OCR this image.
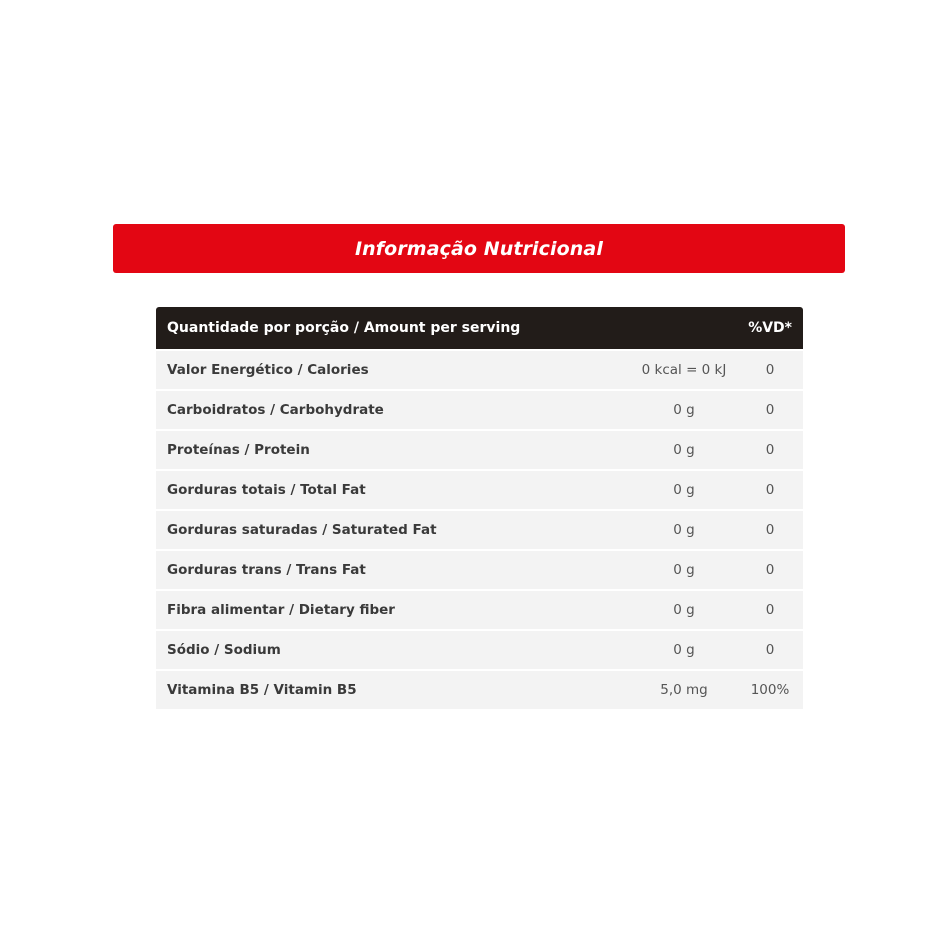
Informação Nutricional
Quantidade por porção / Amount per serving	%VD*
Valor Energético / Calories	0 kcal = 0 kJ	0
Carboidratos / Carbohydrate	0 g	0
Proteínas / Protein	0 g	0
Gorduras totais / Total Fat	0 g	0
Gorduras saturadas / Saturated Fat	0 g	0
Gorduras trans / Trans Fat	0 g	0
Fibra alimentar / Dietary fiber	0 g	0
Sódio / Sodium	0 g	0
Vitamina B5 / Vitamin B5	5,0 mg	100%
